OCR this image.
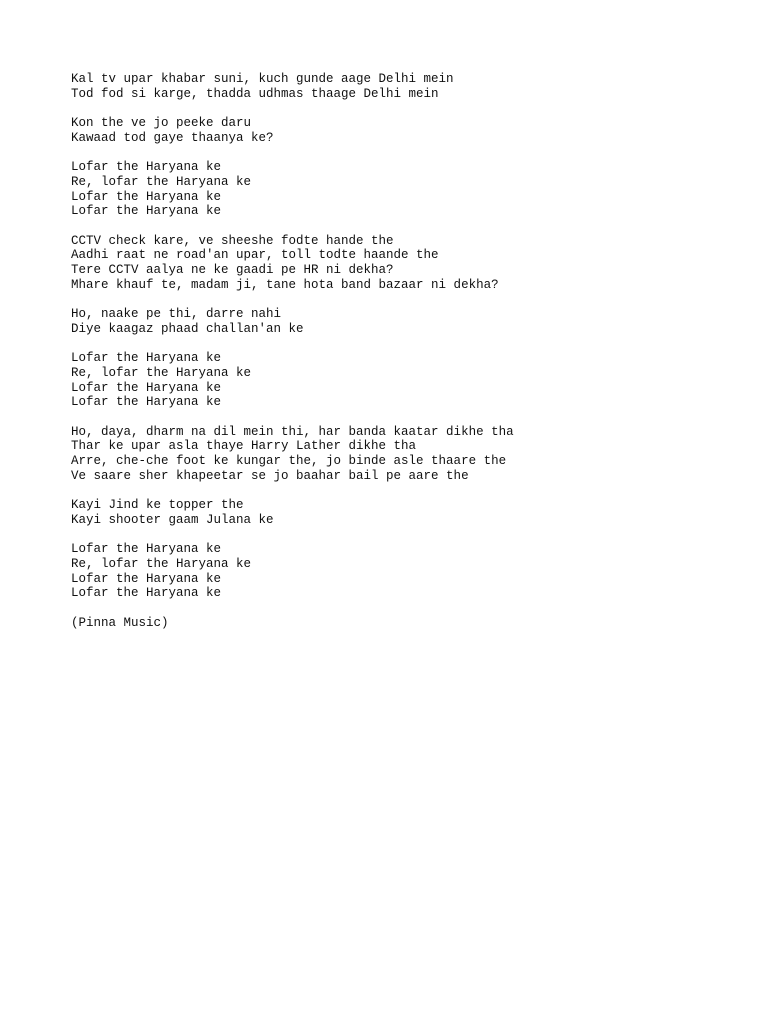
Kal tv upar khabar suni, kuch gunde aage Delhi mein
Tod fod si karge, thadda udhmas thaage Delhi mein
Kon the ve jo peeke daru
Kawaad tod gaye thaanya ke?
Lofar the Haryana ke
Re, lofar the Haryana ke
Lofar the Haryana ke
Lofar the Haryana ke
CCTV check kare, ve sheeshe fodte hande the
Aadhi raat ne road'an upar, toll todte haande the
Tere CCTV aalya ne ke gaadi pe HR ni dekha?
Mhare khauf te, madam ji, tane hota band bazaar ni dekha?
Ho, naake pe thi, darre nahi
Diye kaagaz phaad challan'an ke
Lofar the Haryana ke
Re, lofar the Haryana ke
Lofar the Haryana ke
Lofar the Haryana ke
Ho, daya, dharm na dil mein thi, har banda kaatar dikhe tha
Thar ke upar asla thaye Harry Lather dikhe tha
Arre, che-che foot ke kungar the, jo binde asle thaare the
Ve saare sher khapeetar se jo baahar bail pe aare the
Kayi Jind ke topper the
Kayi shooter gaam Julana ke
Lofar the Haryana ke
Re, lofar the Haryana ke
Lofar the Haryana ke
Lofar the Haryana ke
(Pinna Music)
